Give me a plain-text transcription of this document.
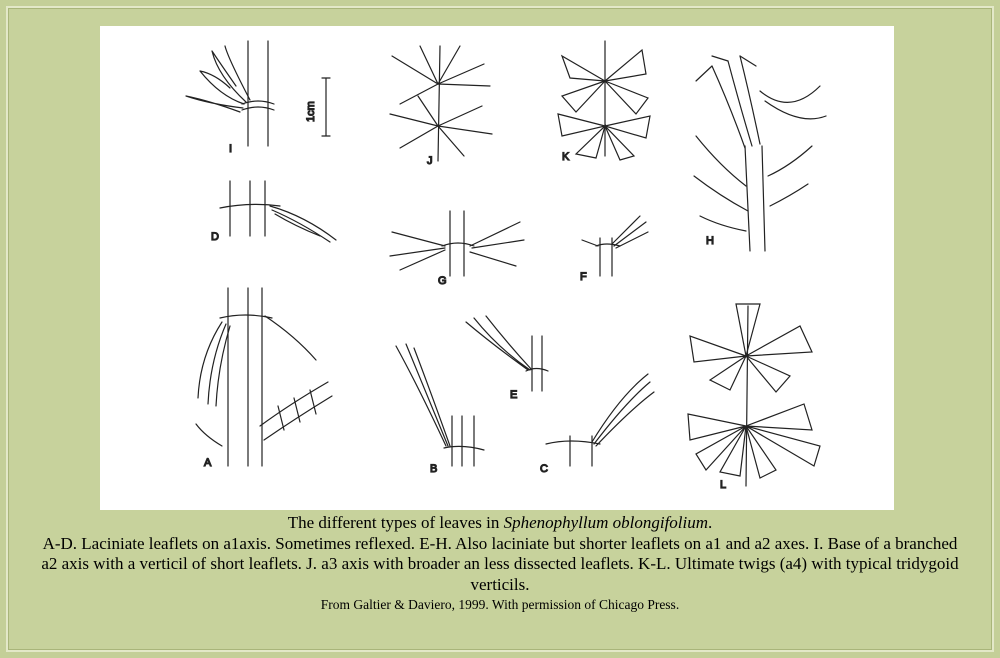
I
1cm
D
A
J	K
H
G	F
E
B	C
L
The different types of leaves in Sphenophyllum oblongifolium.
A-D. Laciniate leaflets on a1axis. Sometimes reflexed. E-H. Also laciniate but shorter leaflets on a1 and a2 axes. I. Base of a branched a2 axis with a verticil of short leaflets. J. a3 axis with broader an less dissected leaflets. K-L. Ultimate twigs (a4) with typical tridygoid verticils.
From Galtier & Daviero, 1999. With permission of Chicago Press.
